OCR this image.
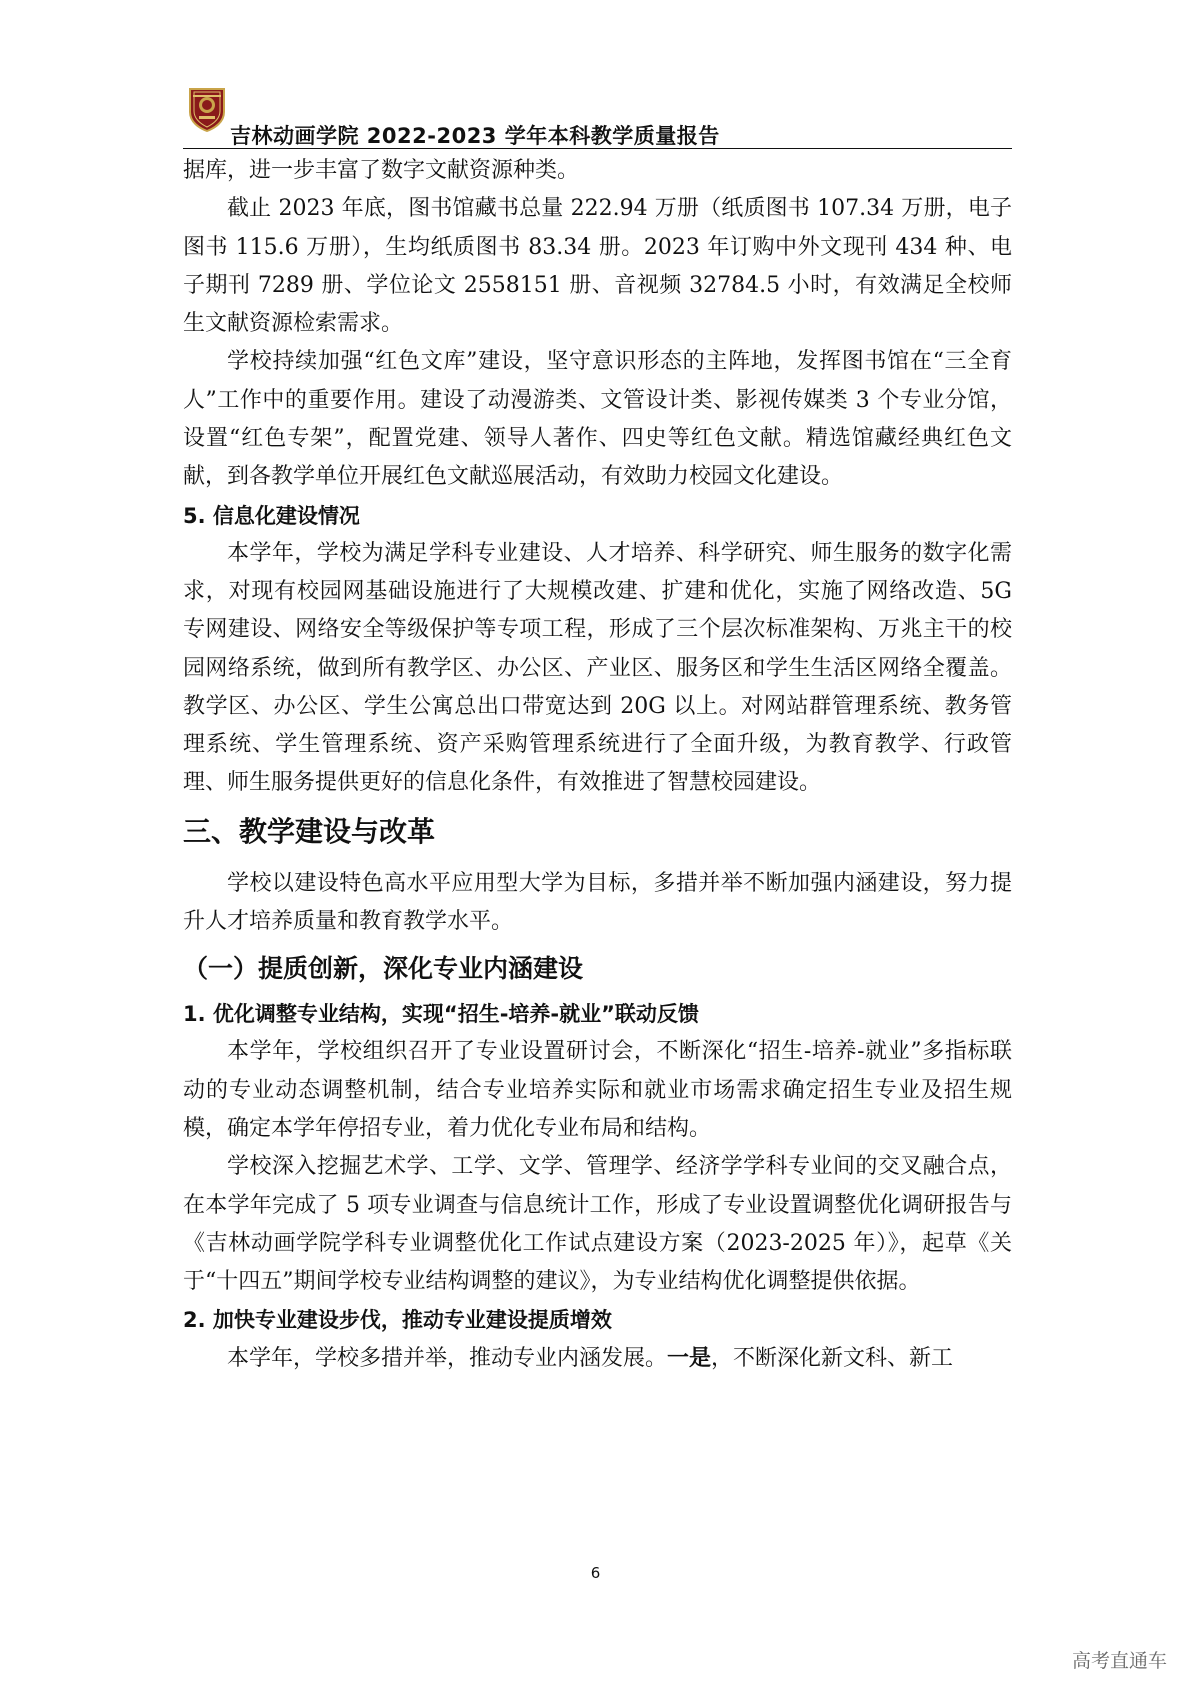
吉林动画学院 2022-2023 学年本科教学质量报告

据库，进一步丰富了数字文献资源种类。

截止 2023 年底，图书馆藏书总量 222.94 万册（纸质图书 107.34 万册，电子图书 115.6 万册），生均纸质图书 83.34 册。2023 年订购中外文现刊 434 种、电子期刊 7289 册、学位论文 2558151 册、音视频 32784.5 小时，有效满足全校师生文献资源检索需求。

学校持续加强“红色文库”建设，坚守意识形态的主阵地，发挥图书馆在“三全育人”工作中的重要作用。建设了动漫游类、文管设计类、影视传媒类 3 个专业分馆，设置“红色专架”，配置党建、领导人著作、四史等红色文献。精选馆藏经典红色文献，到各教学单位开展红色文献巡展活动，有效助力校园文化建设。

5. 信息化建设情况

本学年，学校为满足学科专业建设、人才培养、科学研究、师生服务的数字化需求，对现有校园网基础设施进行了大规模改建、扩建和优化，实施了网络改造、5G 专网建设、网络安全等级保护等专项工程，形成了三个层次标准架构、万兆主干的校园网络系统，做到所有教学区、办公区、产业区、服务区和学生生活区网络全覆盖。教学区、办公区、学生公寓总出口带宽达到 20G 以上。对网站群管理系统、教务管理系统、学生管理系统、资产采购管理系统进行了全面升级，为教育教学、行政管理、师生服务提供更好的信息化条件，有效推进了智慧校园建设。

三、教学建设与改革

学校以建设特色高水平应用型大学为目标，多措并举不断加强内涵建设，努力提升人才培养质量和教育教学水平。

（一）提质创新，深化专业内涵建设

1. 优化调整专业结构，实现“招生-培养-就业”联动反馈

本学年，学校组织召开了专业设置研讨会，不断深化“招生-培养-就业”多指标联动的专业动态调整机制，结合专业培养实际和就业市场需求确定招生专业及招生规模，确定本学年停招专业，着力优化专业布局和结构。

学校深入挖掘艺术学、工学、文学、管理学、经济学学科专业间的交叉融合点，在本学年完成了 5 项专业调查与信息统计工作，形成了专业设置调整优化调研报告与《吉林动画学院学科专业调整优化工作试点建设方案（2023-2025 年）》，起草《关于“十四五”期间学校专业结构调整的建议》，为专业结构优化调整提供依据。

2. 加快专业建设步伐，推动专业建设提质增效

本学年，学校多措并举，推动专业内涵发展。一是，不断深化新文科、新工

6
高考直通车
